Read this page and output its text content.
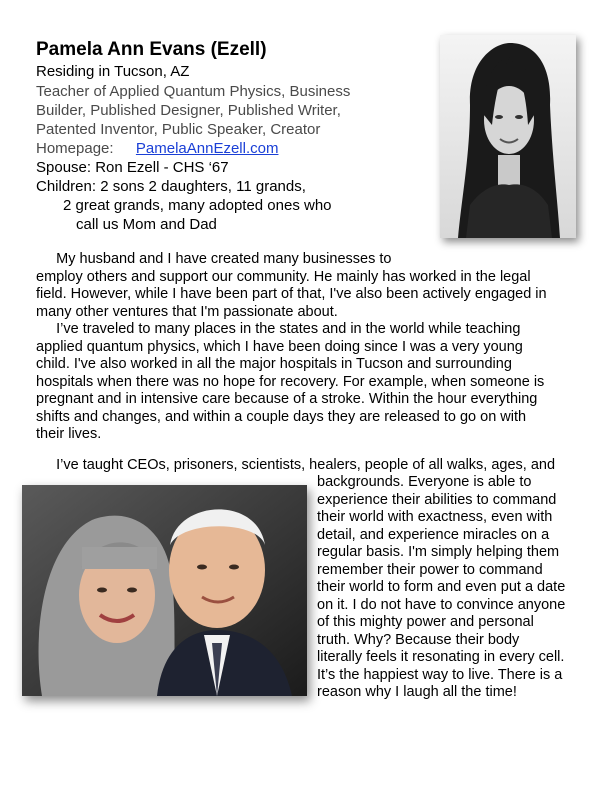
Pamela Ann Evans (Ezell)
Residing in Tucson, AZ
Teacher of Applied Quantum Physics, Business
Builder, Published Designer, Published Writer,
Patented Inventor, Public Speaker, Creator
Homepage: PamelaAnnEzell.com
Spouse: Ron Ezell - CHS ‘67
Children: 2 sons 2 daughters, 11 grands,
2 great grands, many adopted ones who
call us Mom and Dad
My husband and I have created many businesses to
employ others and support our community. He mainly has worked in the legal
field. However, while I have been part of that, I've also been actively engaged in
many other ventures that I'm passionate about.
I’ve traveled to many places in the states and in the world while teaching
applied quantum physics, which I have been doing since I was a very young
child. I've also worked in all the major hospitals in Tucson and surrounding
hospitals when there was no hope for recovery. For example, when someone is
pregnant and in intensive care because of a stroke. Within the hour everything
shifts and changes, and within a couple days they are released to go on with
their lives.
I’ve taught CEOs, prisoners, scientists, healers, people of all walks, ages, and
backgrounds. Everyone is able to
experience their abilities to command
their world with exactness, even with
detail, and experience miracles on a
regular basis. I'm simply helping them
remember their power to command
their world to form and even put a date
on it. I do not have to convince anyone
of this mighty power and personal
truth. Why? Because their body
literally feels it resonating in every cell.
It’s the happiest way to live. There is a
reason why I laugh all the time!
